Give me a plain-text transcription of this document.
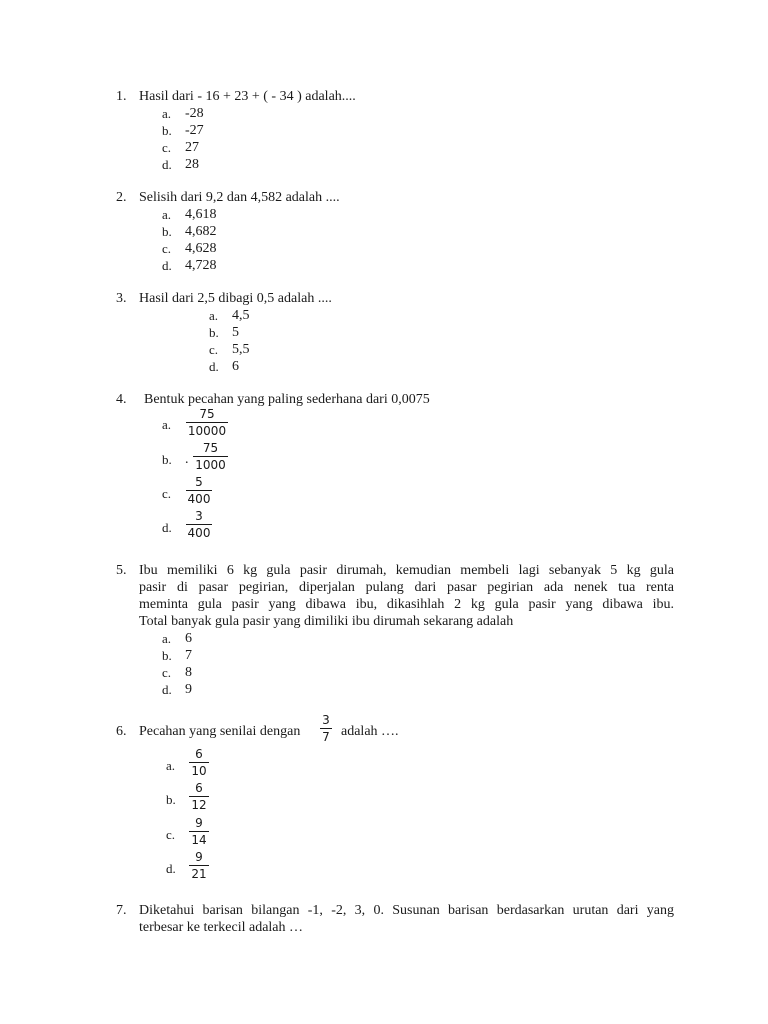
1. Hasil dari - 16 + 23 + ( - 34 ) adalah....
a. -28
b. -27
c. 27
d. 28
2. Selisih dari 9,2 dan 4,582 adalah ....
a. 4,618
b. 4,682
c. 4,628
d. 4,728
3. Hasil dari 2,5 dibagi 0,5 adalah ....
a. 4,5
b. 5
c. 5,5
d. 6
4.	Bentuk pecahan yang paling sederhana dari 0,0075
a.
75
10000
b. .
75
1000
c.
5
400
d.
3
400
5. Ibu memiliki 6 kg gula pasir dirumah, kemudian membeli lagi sebanyak 5 kg gula
pasir di pasar pegirian, diperjalan pulang dari pasar pegirian ada nenek tua renta
meminta gula pasir yang dibawa ibu, dikasihlah 2 kg gula pasir yang dibawa ibu.
Total banyak gula pasir yang dimiliki ibu dirumah sekarang adalah
a. 6
b. 7
c. 8
d. 9
6. Pecahan yang senilai dengan
3
7 adalah ….
a.
6
10
b.
6
12
c.
9
14
d.
9
21
7. Diketahui barisan bilangan -1, -2, 3, 0. Susunan barisan berdasarkan urutan dari yang
terbesar ke terkecil adalah …
